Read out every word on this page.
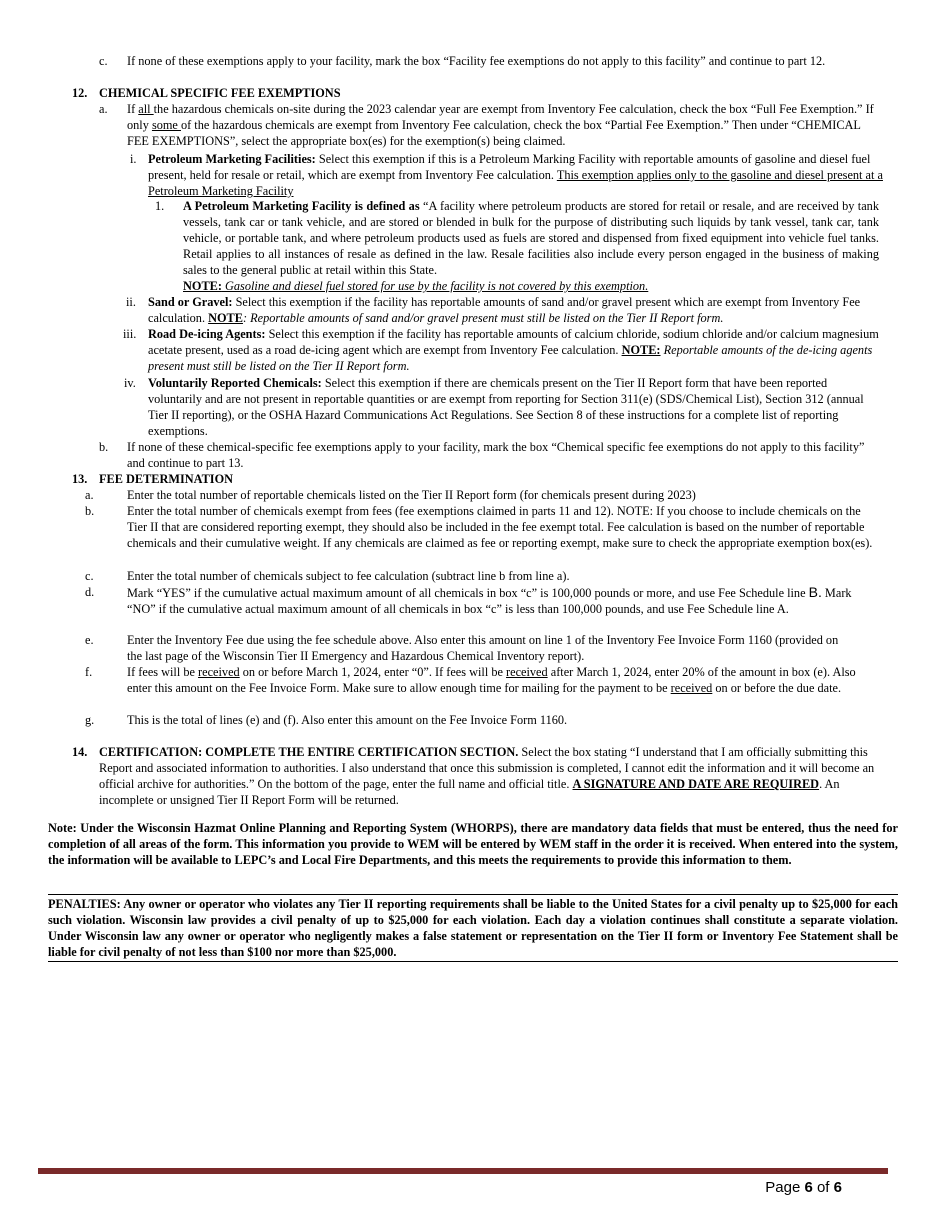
c. If none of these exemptions apply to your facility, mark the box “Facility fee exemptions do not apply to this facility” and continue to part 12.
12. CHEMICAL SPECIFIC FEE EXEMPTIONS
a. If all the hazardous chemicals on-site during the 2023 calendar year are exempt from Inventory Fee calculation, check the box “Full Fee Exemption.” If only some of the hazardous chemicals are exempt from Inventory Fee calculation, check the box “Partial Fee Exemption.” Then under “CHEMICAL FEE EXEMPTIONS”, select the appropriate box(es) for the exemption(s) being claimed.
i. Petroleum Marketing Facilities: Select this exemption if this is a Petroleum Marking Facility with reportable amounts of gasoline and diesel fuel present, held for resale or retail, which are exempt from Inventory Fee calculation. This exemption applies only to the gasoline and diesel present at a Petroleum Marketing Facility
1. A Petroleum Marketing Facility is defined as “A facility where petroleum products are stored for retail or resale, and are received by tank vessels, tank car or tank vehicle, and are stored or blended in bulk for the purpose of distributing such liquids by tank vessel, tank car, tank vehicle, or portable tank, and where petroleum products used as fuels are stored and dispensed from fixed equipment into vehicle fuel tanks. Retail applies to all instances of resale as defined in the law. Resale facilities also include every person engaged in the business of making sales to the general public at retail within this State.
NOTE: Gasoline and diesel fuel stored for use by the facility is not covered by this exemption.
ii. Sand or Gravel: Select this exemption if the facility has reportable amounts of sand and/or gravel present which are exempt from Inventory Fee calculation. NOTE: Reportable amounts of sand and/or gravel present must still be listed on the Tier II Report form.
iii. Road De-icing Agents: Select this exemption if the facility has reportable amounts of calcium chloride, sodium chloride and/or calcium magnesium acetate present, used as a road de-icing agent which are exempt from Inventory Fee calculation. NOTE: Reportable amounts of the de-icing agents present must still be listed on the Tier II Report form.
iv. Voluntarily Reported Chemicals: Select this exemption if there are chemicals present on the Tier II Report form that have been reported voluntarily and are not present in reportable quantities or are exempt from reporting for Section 311(e) (SDS/Chemical List), Section 312 (annual Tier II reporting), or the OSHA Hazard Communications Act Regulations. See Section 8 of these instructions for a complete list of reporting exemptions.
b. If none of these chemical-specific fee exemptions apply to your facility, mark the box “Chemical specific fee exemptions do not apply to this facility” and continue to part 13.
13. FEE DETERMINATION
a.	Enter the total number of reportable chemicals listed on the Tier II Report form (for chemicals present during 2023)
b.	Enter the total number of chemicals exempt from fees (fee exemptions claimed in parts 11 and 12). NOTE: If you choose to include chemicals on the Tier II that are considered reporting exempt, they should also be included in the fee exempt total. Fee calculation is based on the number of reportable chemicals and their cumulative weight. If any chemicals are claimed as fee or reporting exempt, make sure to check the appropriate exemption box(es).
c.	Enter the total number of chemicals subject to fee calculation (subtract line b from line a).
d.	Mark “YES” if the cumulative actual maximum amount of all chemicals in box “c” is 100,000 pounds or more, and use Fee Schedule line B. Mark “NO” if the cumulative actual maximum amount of all chemicals in box “c” is less than 100,000 pounds, and use Fee Schedule line A.
e.	Enter the Inventory Fee due using the fee schedule above. Also enter this amount on line 1 of the Inventory Fee Invoice Form 1160 (provided on the last page of the Wisconsin Tier II Emergency and Hazardous Chemical Inventory report).
f.	If fees will be received on or before March 1, 2024, enter “0”. If fees will be received after March 1, 2024, enter 20% of the amount in box (e). Also enter this amount on the Fee Invoice Form. Make sure to allow enough time for mailing for the payment to be received on or before the due date.
g.	This is the total of lines (e) and (f). Also enter this amount on the Fee Invoice Form 1160.
14. CERTIFICATION: COMPLETE THE ENTIRE CERTIFICATION SECTION. Select the box stating “I understand that I am officially submitting this Report and associated information to authorities. I also understand that once this submission is completed, I cannot edit the information and it will become an official archive for authorities.” On the bottom of the page, enter the full name and official title. A SIGNATURE AND DATE ARE REQUIRED. An incomplete or unsigned Tier II Report Form will be returned.
Note: Under the Wisconsin Hazmat Online Planning and Reporting System (WHORPS), there are mandatory data fields that must be entered, thus the need for completion of all areas of the form. This information you provide to WEM will be entered by WEM staff in the order it is received. When entered into the system, the information will be available to LEPC’s and Local Fire Departments, and this meets the requirements to provide this information to them.
PENALTIES: Any owner or operator who violates any Tier II reporting requirements shall be liable to the United States for a civil penalty up to $25,000 for each such violation. Wisconsin law provides a civil penalty of up to $25,000 for each violation. Each day a violation continues shall constitute a separate violation. Under Wisconsin law any owner or operator who negligently makes a false statement or representation on the Tier II form or Inventory Fee Statement shall be liable for civil penalty of not less than $100 nor more than $25,000.
Page 6 of 6
